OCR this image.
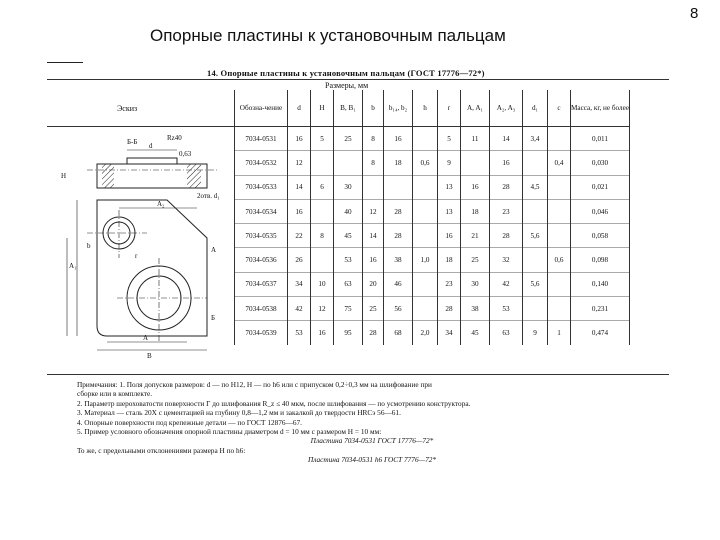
8
Опорные пластины к установочным пальцам
14. Опорные пластины к установочным пальцам (ГОСТ 17776—72*)
Размеры, мм
Эскиз
Б-Б	Rz40
0,63
2отв. d₁
d
H
B
A
A₂
A₁
r
А
Б
b
Обозна-чение	d	H	B, B₁	b	b₁₄, b₂	h	r	A, A₁	A₂, A₃	d₁	c	Масса, кг, не более
7034-0531	16	5	25	8	16		5	11	14	3,4		0,011
7034-0532	12			8	18	0,6	9		16		0,4	0,030
7034-0533	14	6	30				13	16	28	4,5		0,021
7034-0534	16		40	12	28		13	18	23			0,046
7034-0535	22	8	45	14	28		16	21	28	5,6		0,058
7034-0536	26		53	16	38	1,0	18	25	32		0,6	0,098
7034-0537	34	10	63	20	46		23	30	42	5,6		0,140
7034-0538	42	12	75	25	56		28	38	53			0,231
7034-0539	53	16	95	28	68	2,0	34	45	63	9	1	0,474
Примечания: 1. Поля допусков размеров: d — по H12, H — по h6 или с припуском 0,2÷0,3 мм на шлифование при
сборке или в комплекте.
2. Параметр шероховатости поверхности Г до шлифования R_z ≤ 40 мкм, после шлифования — по усмотрению конструктора.
3. Материал — сталь 20Х с цементацией на глубину 0,8—1,2 мм и закалкой до твердости HRCэ 56—61.
4. Опорные поверхности под крепежные детали — по ГОСТ 12876—67.
5. Пример условного обозначения опорной пластины диаметром d = 10 мм с размером H = 10 мм:
Пластина 7034-0531 ГОСТ 17776—72*
То же, с предельными отклонениями размера H по h6:
Пластина 7034-0531 h6 ГОСТ 7776—72*
